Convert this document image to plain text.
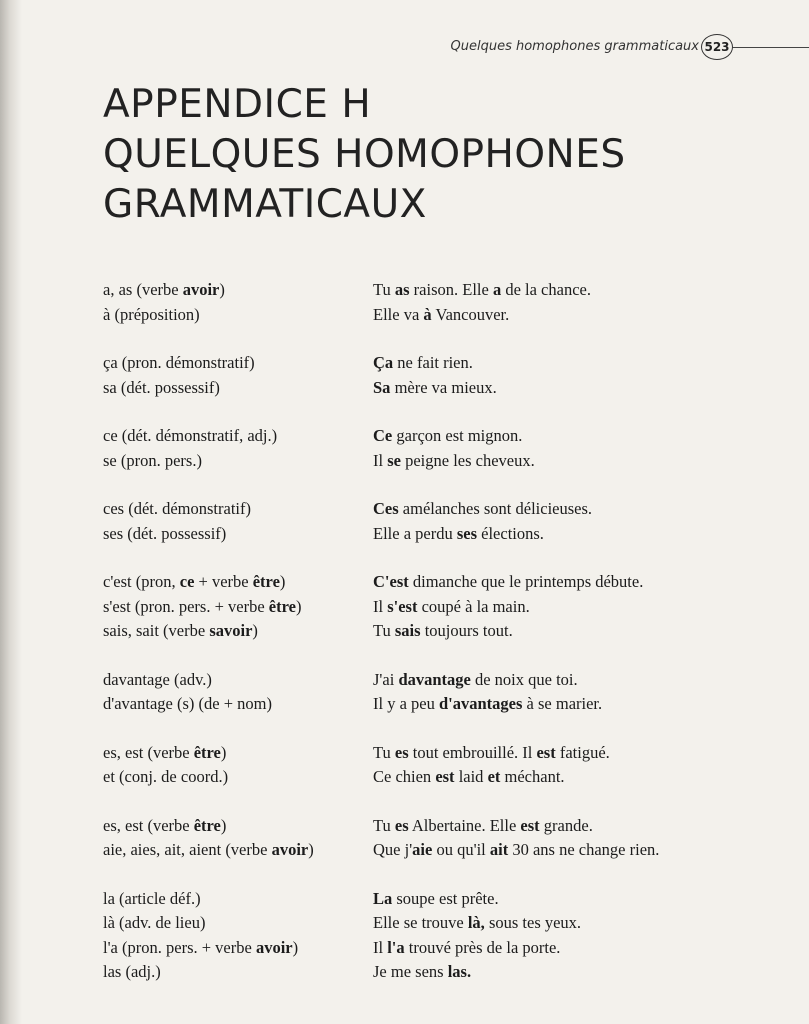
Quelques homophones grammaticaux 523
APPENDICE H
QUELQUES HOMOPHONES
GRAMMATICAUX
a, as (verbe avoir)	Tu as raison. Elle a de la chance.
à (préposition)	Elle va à Vancouver.
ça (pron. démonstratif)	Ça ne fait rien.
sa (dét. possessif)	Sa mère va mieux.
ce (dét. démonstratif, adj.)	Ce garçon est mignon.
se (pron. pers.)	Il se peigne les cheveux.
ces (dét. démonstratif)	Ces amélanches sont délicieuses.
ses (dét. possessif)	Elle a perdu ses élections.
c'est (pron, ce + verbe être)	C'est dimanche que le printemps débute.
s'est (pron. pers. + verbe être)	Il s'est coupé à la main.
sais, sait (verbe savoir)	Tu sais toujours tout.
davantage (adv.)	J'ai davantage de noix que toi.
d'avantage (s) (de + nom)	Il y a peu d'avantages à se marier.
es, est (verbe être)	Tu es tout embrouillé. Il est fatigué.
et (conj. de coord.)	Ce chien est laid et méchant.
es, est (verbe être)	Tu es Albertaine. Elle est grande.
aie, aies, ait, aient (verbe avoir)	Que j'aie ou qu'il ait 30 ans ne change rien.
la (article déf.)	La soupe est prête.
là (adv. de lieu)	Elle se trouve là, sous tes yeux.
l'a (pron. pers. + verbe avoir)	Il l'a trouvé près de la porte.
las (adj.)	Je me sens las.
